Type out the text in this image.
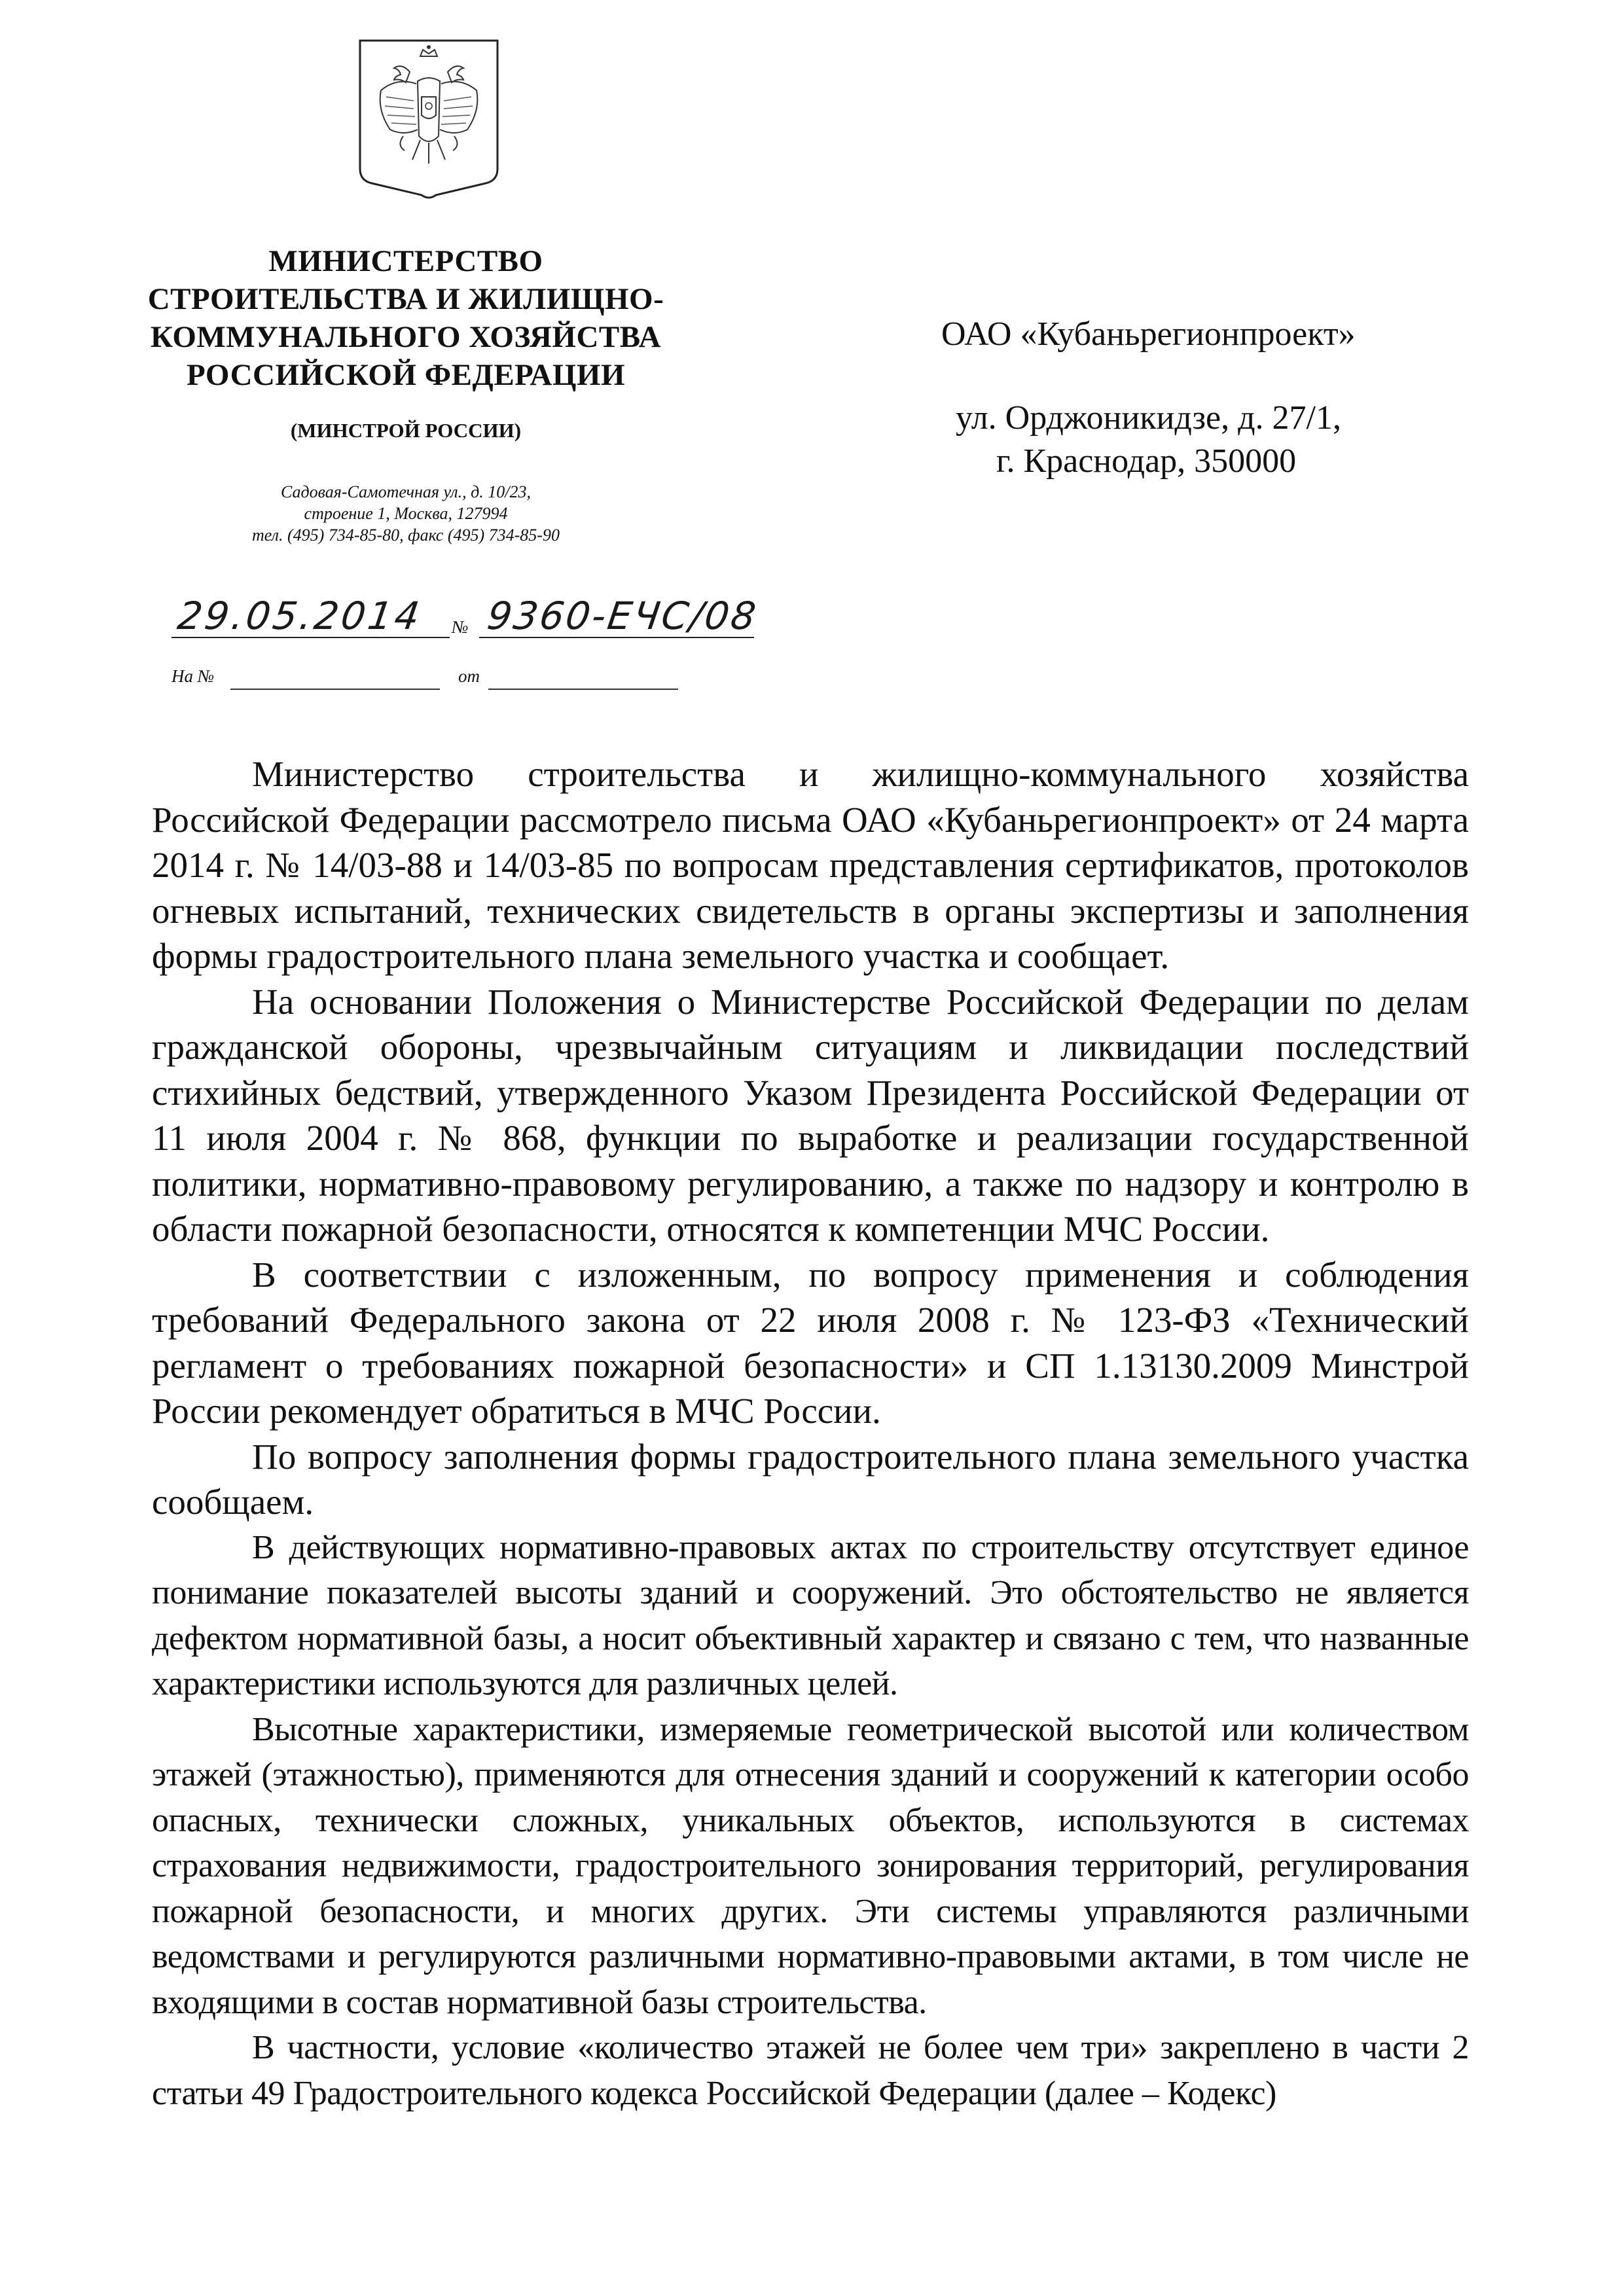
МИНИСТЕРСТВО
СТРОИТЕЛЬСТВА И ЖИЛИЩНО-
КОММУНАЛЬНОГО ХОЗЯЙСТВА
РОССИЙСКОЙ ФЕДЕРАЦИИ
(МИНСТРОЙ РОССИИ)
Садовая-Самотечная ул., д. 10/23,
строение 1, Москва, 127994
тел. (495) 734-85-80, факс (495) 734-85-90
29.05.2014 № 9360-ЕЧС/08
На №	от
ОАО «Кубаньрегионпроект»
ул. Орджоникидзе, д. 27/1,
г. Краснодар, 350000

Министерство строительства и жилищно-коммунального хозяйства Российской Федерации рассмотрело письма ОАО «Кубаньрегионпроект» от 24 марта 2014 г. № 14/03-88 и 14/03-85 по вопросам представления сертификатов, протоколов огневых испытаний, технических свидетельств в органы экспертизы и заполнения формы градостроительного плана земельного участка и сообщает.

На основании Положения о Министерстве Российской Федерации по делам гражданской обороны, чрезвычайным ситуациям и ликвидации последствий стихийных бедствий, утвержденного Указом Президента Российской Федерации от 11 июля 2004 г. № 868, функции по выработке и реализации государственной политики, нормативно-правовому регулированию, а также по надзору и контролю в области пожарной безопасности, относятся к компетенции МЧС России.

В соответствии с изложенным, по вопросу применения и соблюдения требований Федерального закона от 22 июля 2008 г. № 123-ФЗ «Технический регламент о требованиях пожарной безопасности» и СП 1.13130.2009 Минстрой России рекомендует обратиться в МЧС России.

По вопросу заполнения формы градостроительного плана земельного участка сообщаем.

В действующих нормативно-правовых актах по строительству отсутствует единое понимание показателей высоты зданий и сооружений. Это обстоятельство не является дефектом нормативной базы, а носит объективный характер и связано с тем, что названные характеристики используются для различных целей.

Высотные характеристики, измеряемые геометрической высотой или количеством этажей (этажностью), применяются для отнесения зданий и сооружений к категории особо опасных, технически сложных, уникальных объектов, используются в системах страхования недвижимости, градостроительного зонирования территорий, регулирования пожарной безопасности, и многих других. Эти системы управляются различными ведомствами и регулируются различными нормативно-правовыми актами, в том числе не входящими в состав нормативной базы строительства.

В частности, условие «количество этажей не более чем три» закреплено в части 2 статьи 49 Градостроительного кодекса Российской Федерации (далее – Кодекс)
